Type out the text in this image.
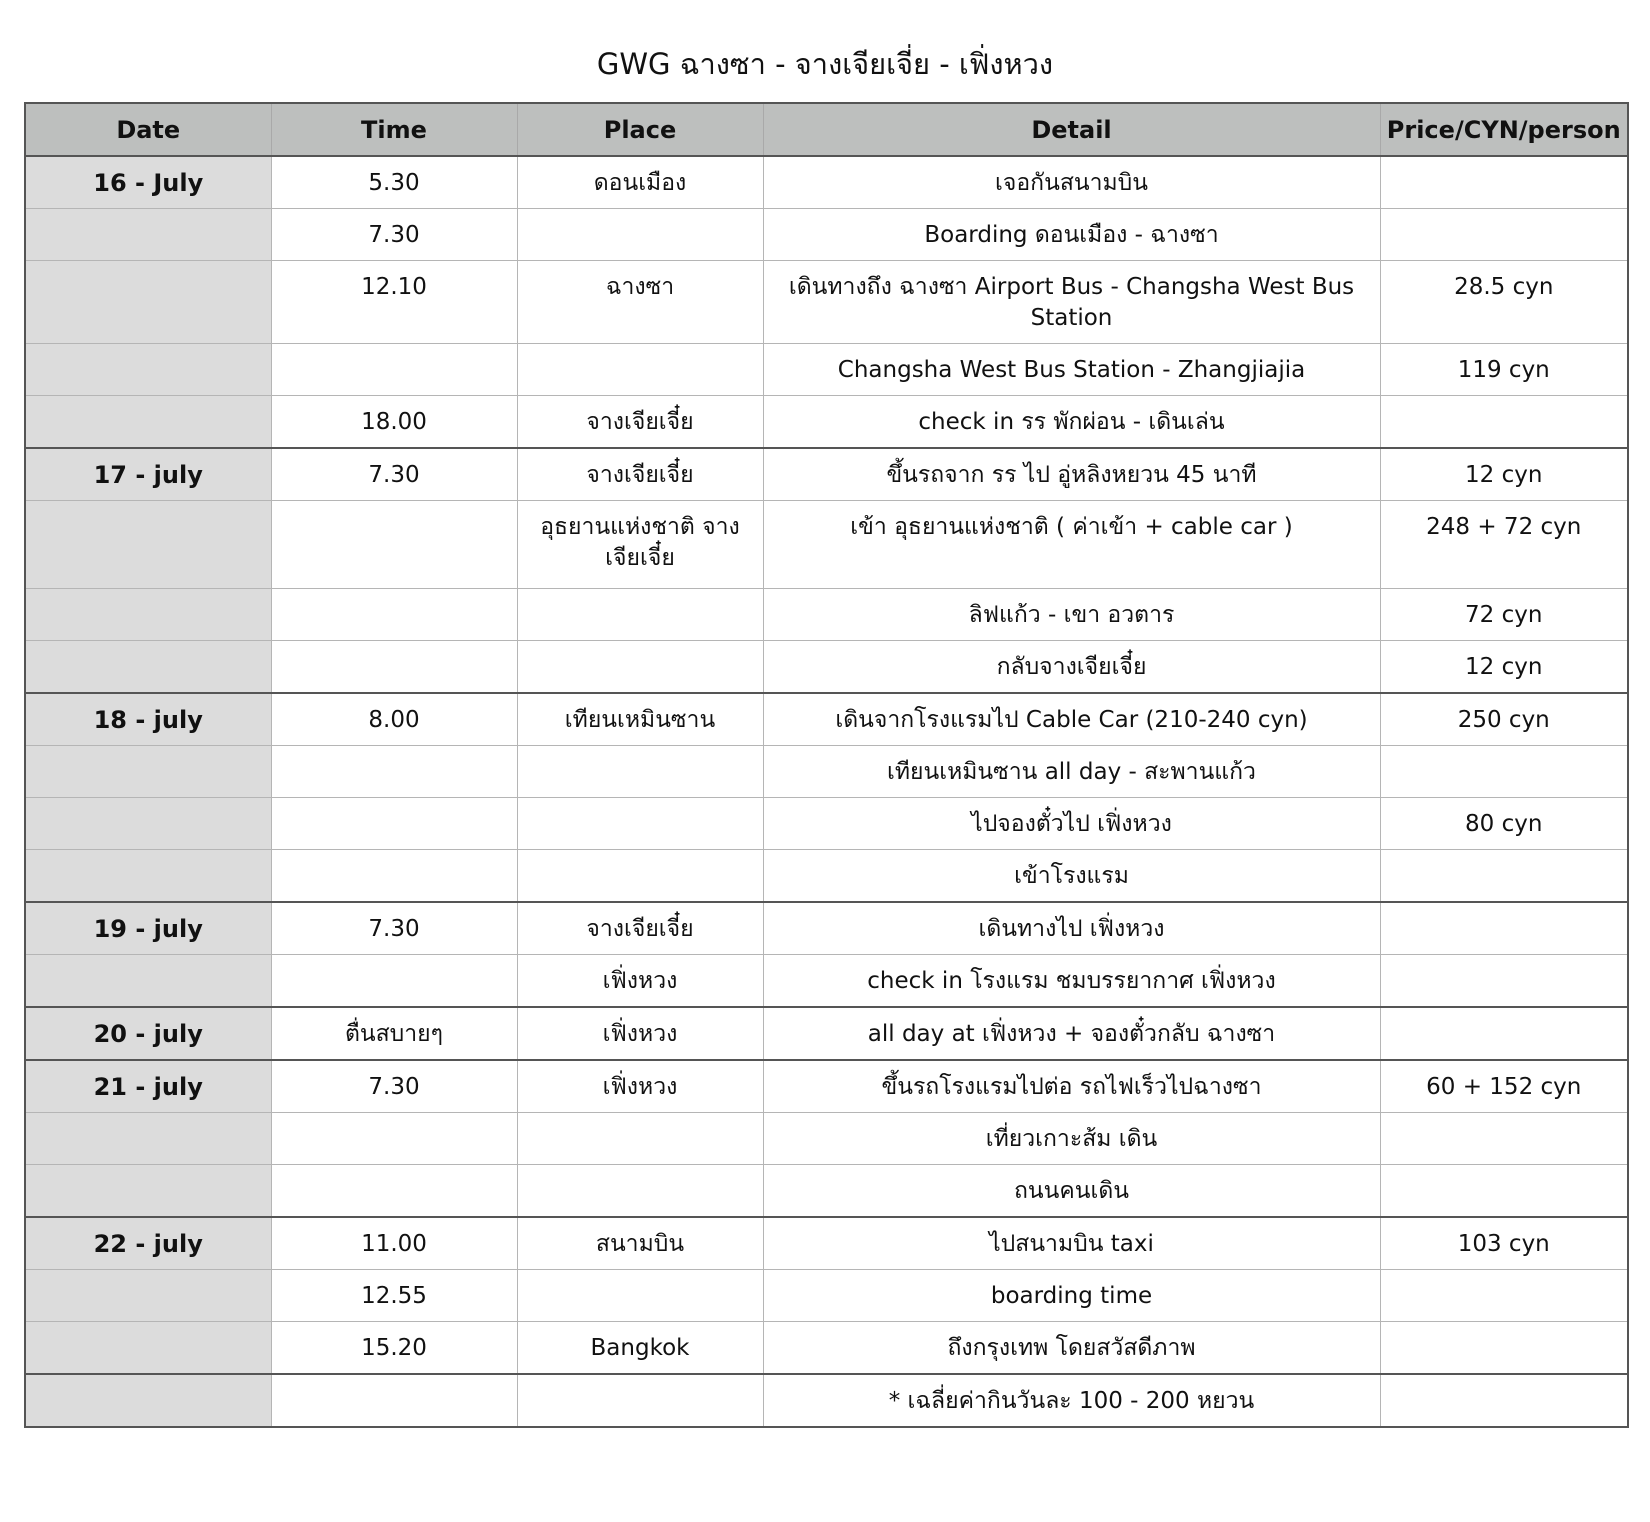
GWG ฉางซา - จางเจียเจี่ย - เฟิ่งหวง
Date	Time	Place	Detail	Price/CYN/person
16 - July	5.30	ดอนเมือง	เจอกันสนามบิน	
	7.30		Boarding ดอนเมือง - ฉางซา	
	12.10	ฉางซา	เดินทางถึง ฉางซา Airport Bus - Changsha West Bus Station	28.5 cyn
			Changsha West Bus Station - Zhangjiajia	119 cyn
	18.00	จางเจียเจี๋ย	check in รร พักผ่อน - เดินเล่น	
17 - july	7.30	จางเจียเจี๋ย	ขึ้นรถจาก รร ไป อู่หลิงหยวน 45 นาที	12 cyn
		อุธยานแห่งชาติ จางเจียเจี๋ย	เข้า อุธยานแห่งชาติ ( ค่าเข้า + cable car )	248 + 72 cyn
			ลิฟแก้ว - เขา อวตาร	72 cyn
			กลับจางเจียเจี๋ย	12 cyn
18 - july	8.00	เทียนเหมินซาน	เดินจากโรงแรมไป Cable Car (210-240 cyn)	250 cyn
			เทียนเหมินซาน all day - สะพานแก้ว	
			ไปจองตั๋วไป เฟิ่งหวง	80 cyn
			เข้าโรงแรม	
19 - july	7.30	จางเจียเจี๋ย	เดินทางไป เฟิ่งหวง	
		เฟิ่งหวง	check in โรงแรม ชมบรรยากาศ เฟิ่งหวง	
20 - july	ตื่นสบายๆ	เฟิ่งหวง	all day at เฟิ่งหวง + จองตั๋วกลับ ฉางซา	
21 - july	7.30	เฟิ่งหวง	ขึ้นรถโรงแรมไปต่อ รถไฟเร็วไปฉางซา	60 + 152 cyn
			เที่ยวเกาะส้ม เดิน	
			ถนนคนเดิน	
22 - july	11.00	สนามบิน	ไปสนามบิน taxi	103 cyn
	12.55		boarding time	
	15.20	Bangkok	ถึงกรุงเทพ โดยสวัสดีภาพ	
			* เฉลี่ยค่ากินวันละ 100 - 200 หยวน	
